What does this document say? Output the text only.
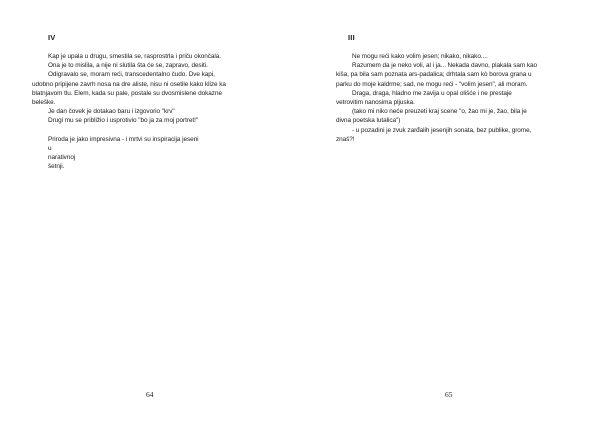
IV
Kap je upala u drugu, smestila se, rasprostrla i priču okončala.
Ona je to mislila, a nije ni slutila šta će se, zapravo, desiti.
Odigravalo se, moram reći, transcedentalno čudo. Dve kapi,
udobno pripijene zavrh nosa na dre aliste, nisu ni osetile kako klize ka
blatnjavom tlu. Elem, kada su pale, postale su dvosmislene dokazne
beleške.
Je dan čovek je dotakao baru i izgovorio "krv"
Drugi mu se približio i usprotivio "bo ja za moj portret!"
Priroda je jako impresivna - i mrtvi su inspiracija jeseni
u
narativnoj
šetnji.
64
III
Ne mogu reći kako volim jesen; nikako, nikako....
Razumem da je neko voli, al i ja... Nekada davno, plakala sam kao
kiša, pa bila sam poznata ars-padalica; drhtala sam kò borova grana u
parku do moje kaldrme; sad, ne mogu reći - "volim jesen", ali moram.
Draga, draga, hladno me zavija u opal olišće i ne prestaje
vetrovitim nanosima pljuska.
(tako mi niko neće preuzeti kraj scene "o, žao mi je, žao, bila je
divna poetska lutalica")
- u pozadini je zvuk zarđalih jesenjih sonata, bez publike, grome,
znaš?!
65
